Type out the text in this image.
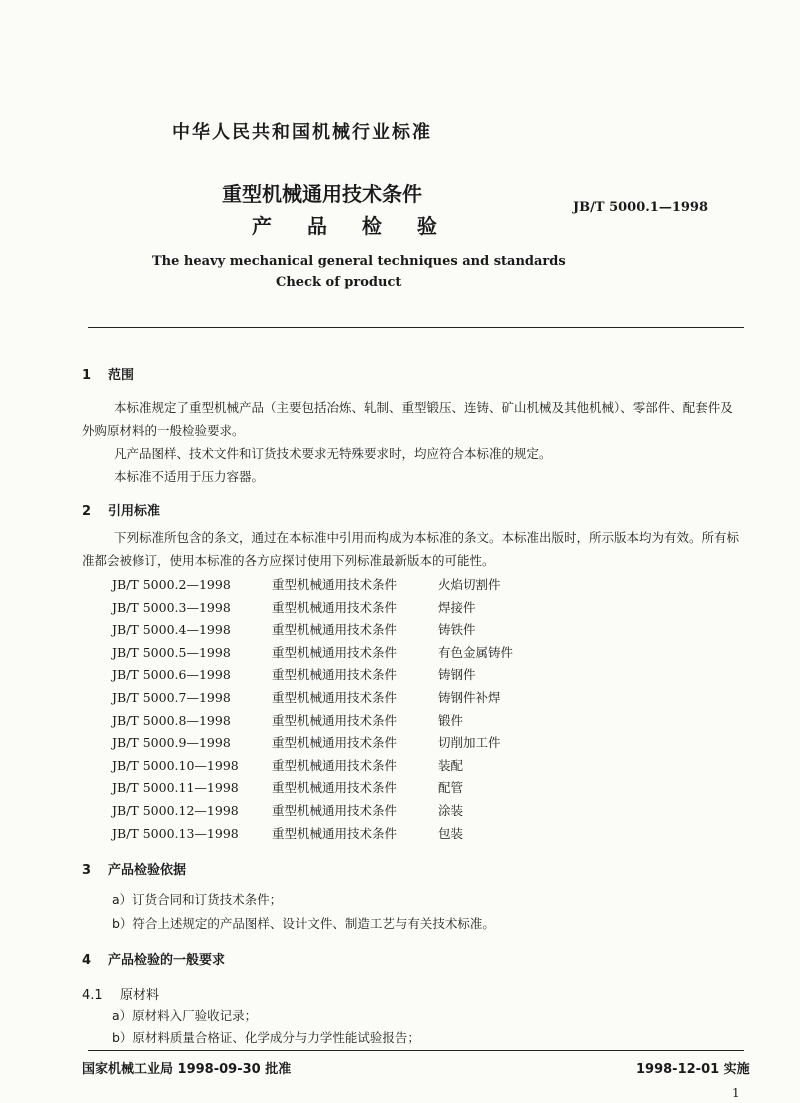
中华人民共和国机械行业标准
重型机械通用技术条件
产 品 检 验
JB/T 5000.1—1998
The heavy mechanical general techniques and standards
Check of product
1 范围

本标准规定了重型机械产品（主要包括冶炼、轧制、重型锻压、连铸、矿山机械及其他机械）、零部件、配套件及外购原材料的一般检验要求。

凡产品图样、技术文件和订货技术要求无特殊要求时，均应符合本标准的规定。

本标准不适用于压力容器。

2 引用标准

下列标准所包含的条文，通过在本标准中引用而构成为本标准的条文。本标准出版时，所示版本均为有效。所有标准都会被修订，使用本标准的各方应探讨使用下列标准最新版本的可能性。

JB/T 5000.2—1998	重型机械通用技术条件	火焰切割件
JB/T 5000.3—1998	重型机械通用技术条件	焊接件
JB/T 5000.4—1998	重型机械通用技术条件	铸铁件
JB/T 5000.5—1998	重型机械通用技术条件	有色金属铸件
JB/T 5000.6—1998	重型机械通用技术条件	铸钢件
JB/T 5000.7—1998	重型机械通用技术条件	铸钢件补焊
JB/T 5000.8—1998	重型机械通用技术条件	锻件
JB/T 5000.9—1998	重型机械通用技术条件	切削加工件
JB/T 5000.10—1998	重型机械通用技术条件	装配
JB/T 5000.11—1998	重型机械通用技术条件	配管
JB/T 5000.12—1998	重型机械通用技术条件	涂装
JB/T 5000.13—1998	重型机械通用技术条件	包装
3 产品检验依据
a）订货合同和订货技术条件；
b）符合上述规定的产品图样、设计文件、制造工艺与有关技术标准。
4 产品检验的一般要求
4.1 原材料
a）原材料入厂验收记录；
b）原材料质量合格证、化学成分与力学性能试验报告；
国家机械工业局 1998-09-30 批准	1998-12-01 实施
1
